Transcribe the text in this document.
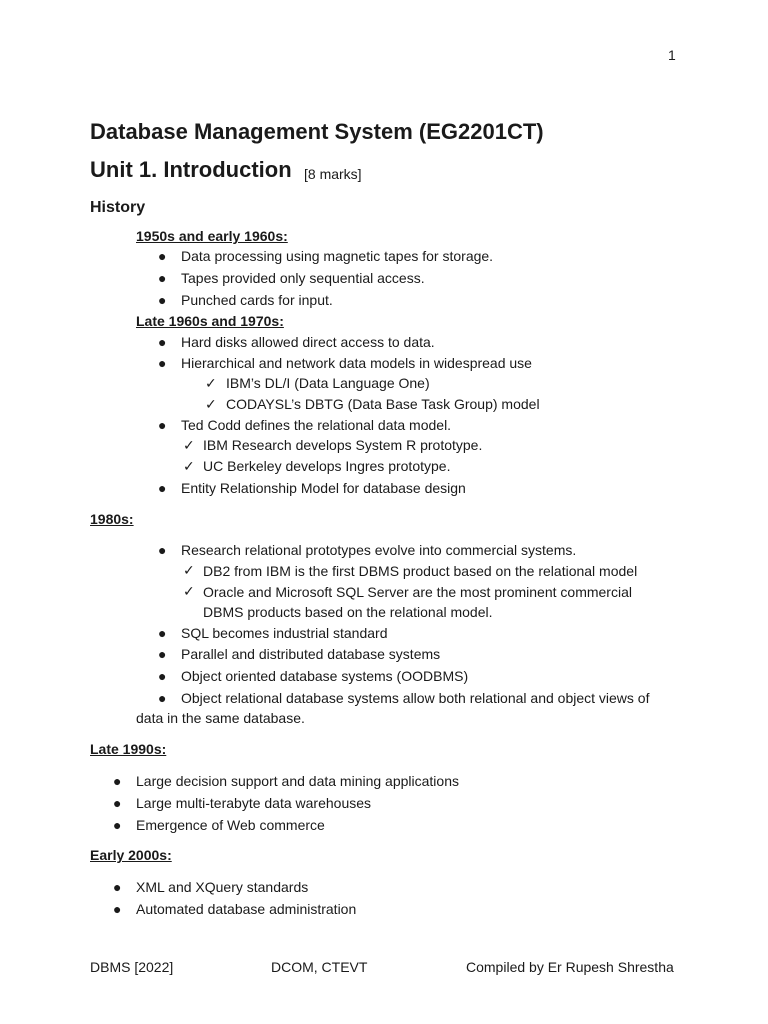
1
Database Management System (EG2201CT)
Unit 1. Introduction [8 marks]
History
1950s and early 1960s:
● Data processing using magnetic tapes for storage.
● Tapes provided only sequential access.
● Punched cards for input.
Late 1960s and 1970s:
● Hard disks allowed direct access to data.
● Hierarchical and network data models in widespread use
✓ IBM’s DL/I (Data Language One)
✓ CODAYSL’s DBTG (Data Base Task Group) model
● Ted Codd defines the relational data model.
✓ IBM Research develops System R prototype.
✓ UC Berkeley develops Ingres prototype.
● Entity Relationship Model for database design
1980s:
● Research relational prototypes evolve into commercial systems.
✓ DB2 from IBM is the first DBMS product based on the relational model
✓ Oracle and Microsoft SQL Server are the most prominent commercial
DBMS products based on the relational model.
● SQL becomes industrial standard
● Parallel and distributed database systems
● Object oriented database systems (OODBMS)
● Object relational database systems allow both relational and object views of
data in the same database.
Late 1990s:
● Large decision support and data mining applications
● Large multi-terabyte data warehouses
● Emergence of Web commerce
Early 2000s:
● XML and XQuery standards
● Automated database administration
DBMS [2022]	DCOM, CTEVT	Compiled by Er Rupesh Shrestha
